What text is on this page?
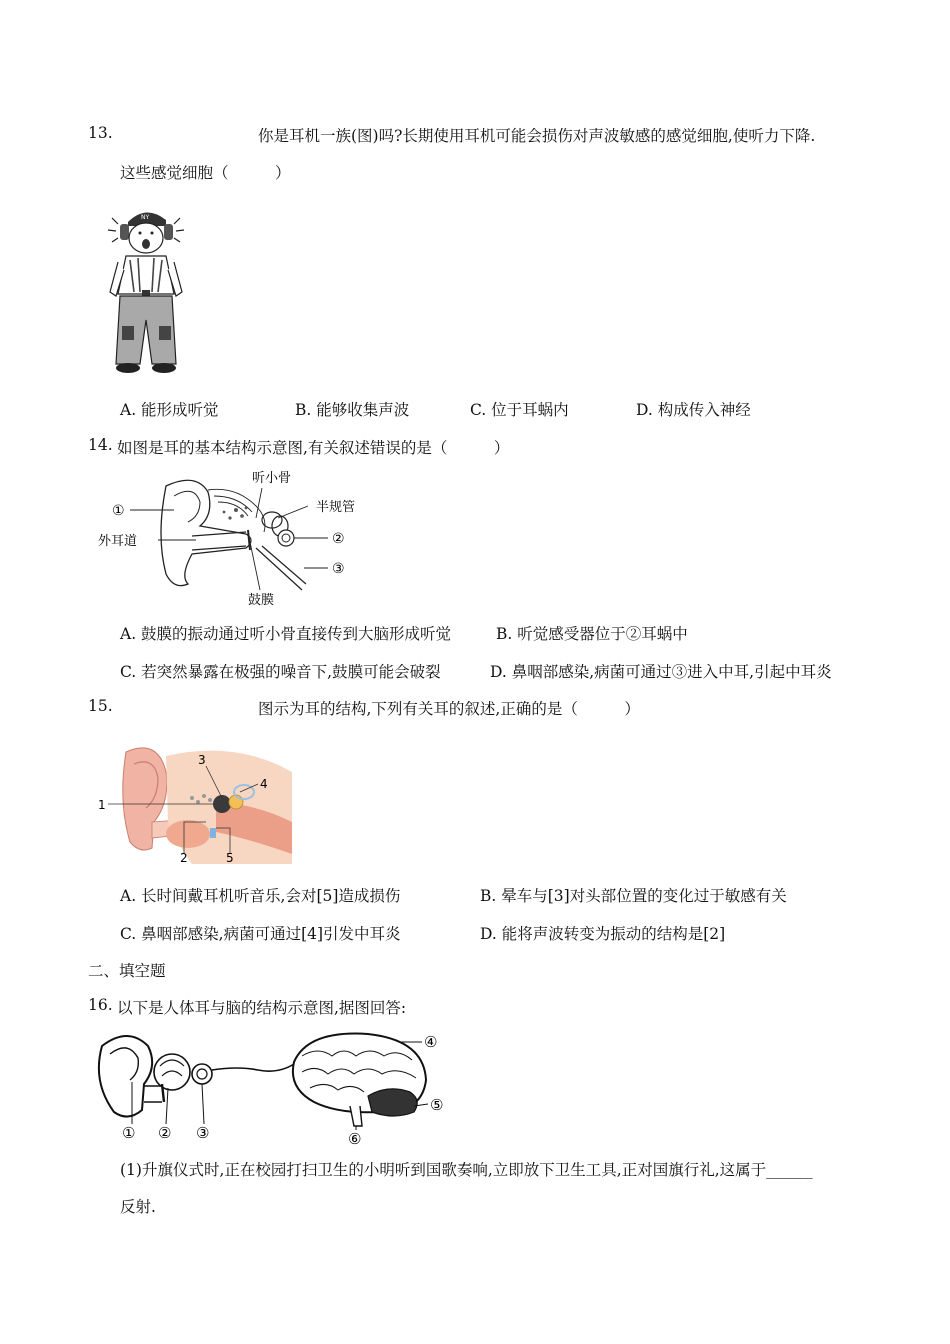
13.	你是耳机一族(图)吗?长期使用耳机可能会损伤对声波敏感的感觉细胞,使听力下降.
这些感觉细胞（　　　）
NY
A. 能形成听觉	B. 能够收集声波	C. 位于耳蜗内	D. 构成传入神经
14. 如图是耳的基本结构示意图,有关叙述错误的是（　　　）
①
外耳道
听小骨
半规管
②
③
鼓膜
A. 鼓膜的振动通过听小骨直接传到大脑形成听觉	B. 听觉感受器位于②耳蜗中
C. 若突然暴露在极强的噪音下,鼓膜可能会破裂	D. 鼻咽部感染,病菌可通过③进入中耳,引起中耳炎
15.	图示为耳的结构,下列有关耳的叙述,正确的是（　　　）
1
3
4
2	5
A. 长时间戴耳机听音乐,会对[5]造成损伤	B. 晕车与[3]对头部位置的变化过于敏感有关
C. 鼻咽部感染,病菌可通过[4]引发中耳炎	D. 能将声波转变为振动的结构是[2]
二、填空题
16. 以下是人体耳与脑的结构示意图,据图回答:
① ② ③
④
⑤
⑥
(1)升旗仪式时,正在校园打扫卫生的小明听到国歌奏响,立即放下卫生工具,正对国旗行礼,这属于______
反射.
